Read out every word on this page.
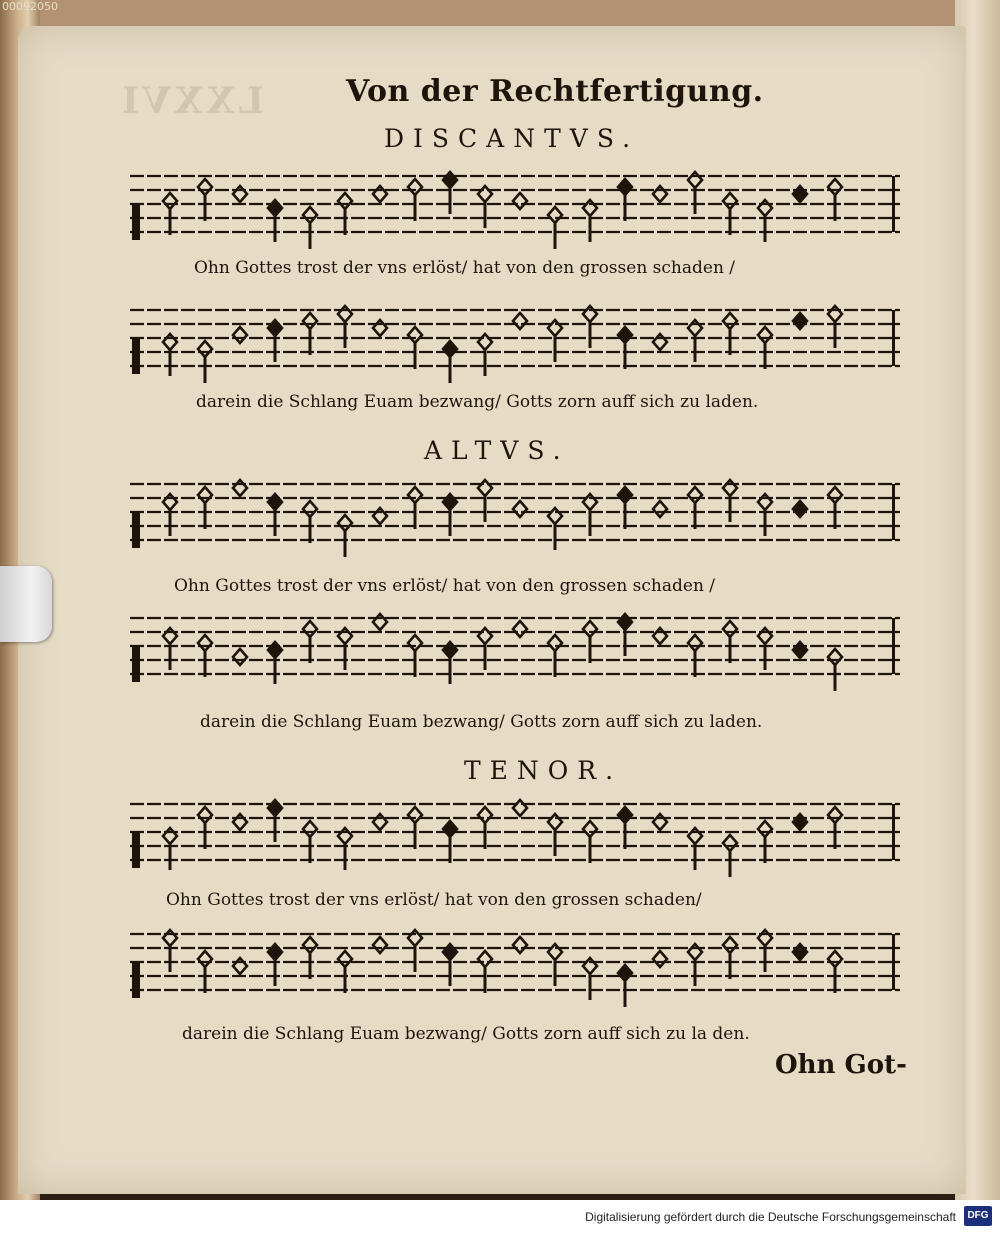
00092050
LXXVI	Von der Rechtfertigung.
DISCANTVS.
Ohn Gottes trost der vns erlöst/ hat von den grossen schaden /
darein die Schlang Euam bezwang/ Gotts zorn auff sich zu laden.
ALTVS.
Ohn Gottes trost der vns erlöst/ hat von den grossen schaden /
darein die Schlang Euam bezwang/ Gotts zorn auff sich zu laden.
TENOR.
Ohn Gottes trost der vns erlöst/ hat von den grossen schaden/
darein die Schlang Euam bezwang/ Gotts zorn auff sich zu la den.
Ohn Got-
Digitalisierung gefördert durch die Deutsche Forschungsgemeinschaft	DFG
